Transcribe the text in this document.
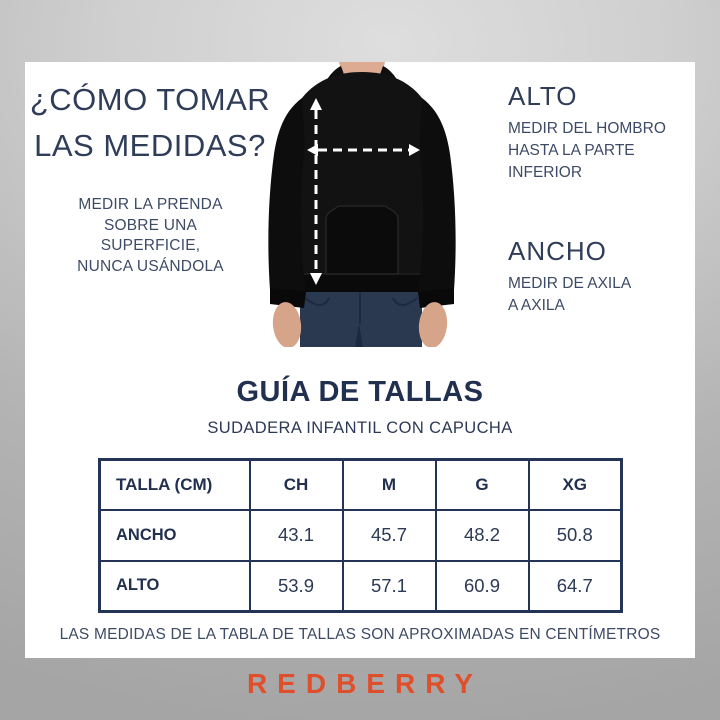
¿CÓMO TOMAR
LAS MEDIDAS?
MEDIR LA PRENDA
SOBRE UNA
SUPERFICIE,
NUNCA USÁNDOLA
ALTO
MEDIR DEL HOMBRO
HASTA LA PARTE
INFERIOR
ANCHO
MEDIR DE AXILA
A AXILA
GUÍA DE TALLAS
SUDADERA INFANTIL CON CAPUCHA
TALLA (CM)	CH	M	G	XG
ANCHO	43.1	45.7	48.2	50.8
ALTO	53.9	57.1	60.9	64.7
LAS MEDIDAS DE LA TABLA DE TALLAS SON APROXIMADAS EN CENTÍMETROS
REDBERRY
